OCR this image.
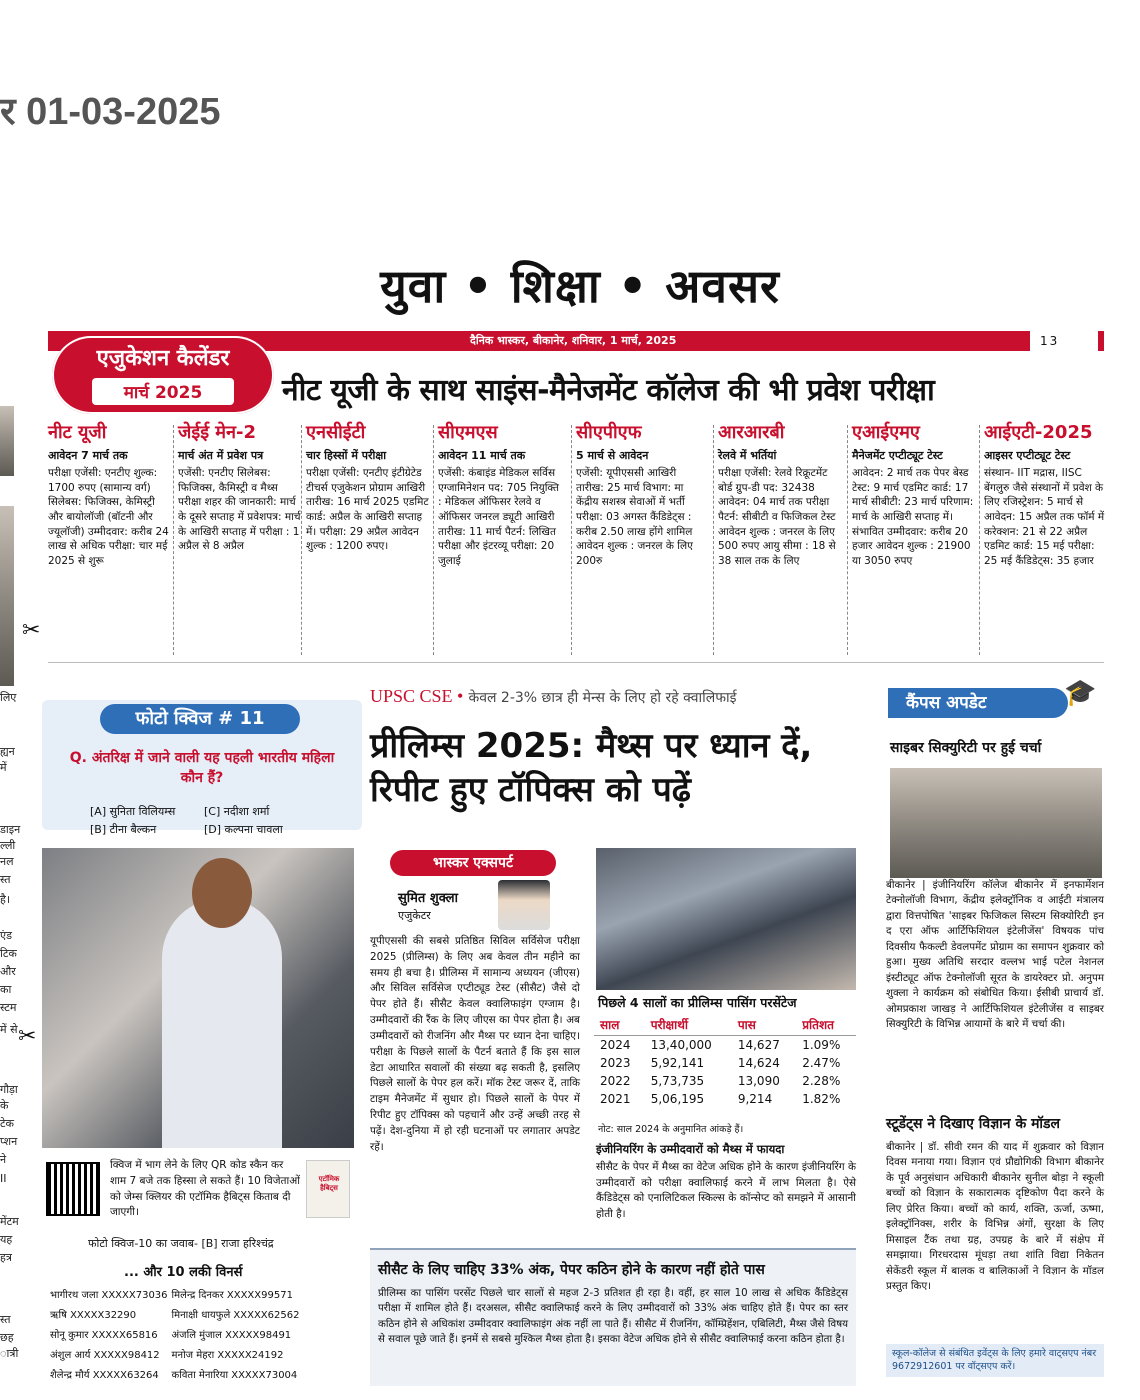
र 01-03-2025
लिए
ह्यन
में
डाइन
ल्ली
नल
स्त
है।
एंड
टिक
और
का
स्टम
में से
गौड़ा
के
टेक
प्शन
ने
II
मेंटम
यह
हत्र
स्त
छह
ात्री
✂
✂
युवा • शिक्षा • अवसर
दैनिक भास्कर, बीकानेर, शनिवार, 1 मार्च, 2025	13
एजुकेशन कैलेंडर
मार्च 2025	नीट यूजी के साथ साइंस-मैनेजमेंट कॉलेज की भी प्रवेश परीक्षा
नीट यूजी
आवेदन 7 मार्च तक

परीक्षा एजेंसी: एनटीए शुल्क: 1700 रुपए (सामान्य वर्ग) सिलेबस: फिजिक्स, केमिस्ट्री और बायोलॉजी (बॉटनी और ज्यूलॉजी) उम्मीदवार: करीब 24 लाख से अधिक परीक्षा: चार मई 2025 से शुरू

जेईई मेन-2
मार्च अंत में प्रवेश पत्र

एजेंसी: एनटीए सिलेबस: फिजिक्स, कैमिस्ट्री व मैथ्स परीक्षा शहर की जानकारी: मार्च के दूसरे सप्ताह में प्रवेशपत्र: मार्च के आखिरी सप्ताह में परीक्षा : 1 अप्रैल से 8 अप्रैल

एनसीईटी
चार हिस्सों में परीक्षा

परीक्षा एजेंसी: एनटीए इंटीग्रेटेड टीचर्स एजुकेशन प्रोग्राम आखिरी तारीख: 16 मार्च 2025 एडमिट कार्ड: अप्रैल के आखिरी सप्ताह में। परीक्षा: 29 अप्रैल आवेदन शुल्क : 1200 रुपए।

सीएमएस
आवेदन 11 मार्च तक

एजेंसी: कंबाइंड मेडिकल सर्विस एग्जामिनेशन पद: 705 नियुक्ति : मेडिकल ऑफिसर रेलवे व ऑफिसर जनरल ड्यूटी आखिरी तारीख: 11 मार्च पैटर्न: लिखित परीक्षा और इंटरव्यू परीक्षा: 20 जुलाई

सीएपीएफ
5 मार्च से आवेदन

एजेंसी: यूपीएससी आखिरी तारीख: 25 मार्च विभाग: मा केंद्रीय सशस्त्र सेवाओं में भर्ती परीक्षा: 03 अगस्त कैंडिडेट्स : करीब 2.50 लाख होंगे शामिल आवेदन शुल्क : जनरल के लिए 200रु

आरआरबी
रेलवे में भर्तियां

परीक्षा एजेंसी: रेलवे रिक्रूटमेंट बोर्ड ग्रुप-डी पद: 32438 आवेदन: 04 मार्च तक परीक्षा पैटर्न: सीबीटी व फिजिकल टेस्ट आवेदन शुल्क : जनरल के लिए 500 रुपए आयु सीमा : 18 से 38 साल तक के लिए

एआईएमए
मैनेजमेंट एप्टीट्यूट टेस्ट

आवेदन: 2 मार्च तक पेपर बेस्ड टेस्ट: 9 मार्च एडमिट कार्ड: 17 मार्च सीबीटी: 23 मार्च परिणाम: मार्च के आखिरी सप्ताह में। संभावित उम्मीदवार: करीब 20 हजार आवेदन शुल्क : 21900 या 3050 रुपए

आईएटी-2025
आइसर एप्टीट्यूट टेस्ट

संस्थान- IIT मद्रास, IISC बेंगलुरु जैसे संस्थानों में प्रवेश के लिए रजिस्ट्रेशन: 5 मार्च से आवेदन: 15 अप्रैल तक फॉर्म में करेक्शन: 21 से 22 अप्रैल एडमिट कार्ड: 15 मई परीक्षा: 25 मई कैंडिडेट्स: 35 हजार

फोटो क्विज # 11
Q. अंतरिक्ष में जाने वाली यह पहली भारतीय महिला कौन हैं?
[A] सुनिता विलियम्स	[C] नदीशा शर्मा
[B] टीना बैल्कन	[D] कल्पना चावला
क्विज में भाग लेने के लिए QR कोड स्कैन कर शाम 7 बजे तक हिस्सा ले सकते हैं। 10 विजेताओं को जेम्स क्लियर की एटॉमिक हैबिट्स किताब दी जाएगी।
एटॉमिक हैबिट्स
फोटो क्विज-10 का जवाब- [B] राजा हरिश्चंद्र
... और 10 लकी विनर्स
भागीरथ जला XXXXX73036	मिलेन्द्र दिनकर XXXXX99571
ऋषि XXXXX32290	मिनाक्षी धायफुले XXXXX62562
सोनू कुमार XXXXX65816	अंजलि मुंजाल XXXXX98491
अंशुल आर्य XXXXX98412	मनोज मेहरा XXXXX24192
शैलेन्द्र मौर्य XXXXX63264	कविता मेनारिया XXXXX73004
UPSC CSE • केवल 2-3% छात्र ही मेन्स के लिए हो रहे क्वालिफाई
प्रीलिम्स 2025: मैथ्स पर ध्यान दें, रिपीट हुए टॉपिक्स को पढ़ें
भास्कर एक्सपर्ट
सुमित शुक्ला
एजुकेटर
यूपीएससी की सबसे प्रतिष्ठित सिविल सर्विसेज परीक्षा 2025 (प्रीलिम्स) के लिए अब केवल तीन महीने का समय ही बचा है। प्रीलिम्स में सामान्य अध्ययन (जीएस) और सिविल सर्विसेज एप्टीट्यूड टेस्ट (सीसैट) जैसे दो पेपर होते हैं। सीसैट केवल क्वालिफाइंग एग्जाम है। उम्मीदवारों की रैंक के लिए जीएस का पेपर होता है। अब उम्मीदवारों को रीजनिंग और मैथ्स पर ध्यान देना चाहिए। परीक्षा के पिछले सालों के पैटर्न बताते हैं कि इस साल डेटा आधारित सवालों की संख्या बढ़ सकती है, इसलिए पिछले सालों के पेपर हल करें। मॉक टेस्ट जरूर दें, ताकि टाइम मैनेजमेंट में सुधार हो। पिछले सालों के पेपर में रिपीट हुए टॉपिक्स को पहचानें और उन्हें अच्छी तरह से पढ़ें। देश-दुनिया में हो रही घटनाओं पर लगातार अपडेट रहें।
पिछले 4 सालों का प्रीलिम्स पासिंग परसेंटेज
साल	परीक्षार्थी	पास	प्रतिशत
2024	13,40,000	14,627	1.09%
2023	5,92,141	14,624	2.47%
2022	5,73,735	13,090	2.28%
2021	5,06,195	9,214	1.82%
नोट: साल 2024 के अनुमानित आंकड़े हैं।
इंजीनियरिंग के उम्मीदवारों को मैथ्स में फायदा
सीसैट के पेपर में मैथ्स का वेटेज अधिक होने के कारण इंजीनियरिंग के उम्मीदवारों को परीक्षा क्वालिफाई करने में लाभ मिलता है। ऐसे कैंडिडेट्स को एनालिटिकल स्किल्स के कॉन्सेप्ट को समझने में आसानी होती है।
सीसैट के लिए चाहिए 33% अंक, पेपर कठिन होने के कारण नहीं होते पास
प्रीलिम्स का पासिंग परसेंट पिछले चार सालों से महज 2-3 प्रतिशत ही रहा है। वहीं, हर साल 10 लाख से अधिक कैंडिडेट्स परीक्षा में शामिल होते हैं। दरअसल, सीसैट क्वालिफाई करने के लिए उम्मीदवारों को 33% अंक चाहिए होते हैं। पेपर का स्तर कठिन होने से अधिकांश उम्मीदवार क्वालिफाइंग अंक नहीं ला पाते हैं। सीसैट में रीजनिंग, कॉम्प्रिहेंशन, एबिलिटी, मैथ्स जैसे विषय से सवाल पूछे जाते हैं। इनमें से सबसे मुश्किल मैथ्स होता है। इसका वेटेज अधिक होने से सीसैट क्वालिफाई करना कठिन होता है।
कैंपस अपडेट	🎓
साइबर सिक्युरिटी पर हुई चर्चा
बीकानेर | इंजीनियरिंग कॉलेज बीकानेर में इनफार्मेशन टेक्नोलॉजी विभाग, केंद्रीय इलेक्ट्रॉनिक व आईटी मंत्रालय द्वारा वित्तपोषित 'साइबर फिजिकल सिस्टम सिक्योरिटी इन द एरा ऑफ आर्टिफिशियल इंटेलीजेंस' विषयक पांच दिवसीय फैकल्टी डेवलपमेंट प्रोग्राम का समापन शुक्रवार को हुआ। मुख्य अतिथि सरदार वल्लभ भाई पटेल नेशनल इंस्टीट्यूट ऑफ टेक्नोलॉजी सूरत के डायरेक्टर प्रो. अनुपम शुक्ला ने कार्यक्रम को संबोधित किया। ईसीबी प्राचार्य डॉ. ओमप्रकाश जाखड़ ने आर्टिफिशियल इंटेलीजेंस व साइबर सिक्युरिटी के विभिन्न आयामों के बारे में चर्चा की।
स्टूडेंट्स ने दिखाए विज्ञान के मॉडल
बीकानेर | डॉ. सीवी रमन की याद में शुक्रवार को विज्ञान दिवस मनाया गया। विज्ञान एवं प्रौद्योगिकी विभाग बीकानेर के पूर्व अनुसंधान अधिकारी बीकानेर सुनील बोड़ा ने स्कूली बच्चों को विज्ञान के सकारात्मक दृष्टिकोण पैदा करने के लिए प्रेरित किया। बच्चों को कार्य, शक्ति, ऊर्जा, ऊष्मा, इलेक्ट्रॉनिक्स, शरीर के विभिन्न अंगों, सुरक्षा के लिए मिसाइल टैंक तथा ग्रह, उपग्रह के बारे में संक्षेप में समझाया। गिरधरदास मूंधड़ा तथा शांति विद्या निकेतन सेकेंडरी स्कूल में बालक व बालिकाओं ने विज्ञान के मॉडल प्रस्तुत किए।
स्कूल-कॉलेज से संबंधित इवेंट्स के लिए हमारे वाट्सएप नंबर 9672912601 पर वॉट्सएप करें।
